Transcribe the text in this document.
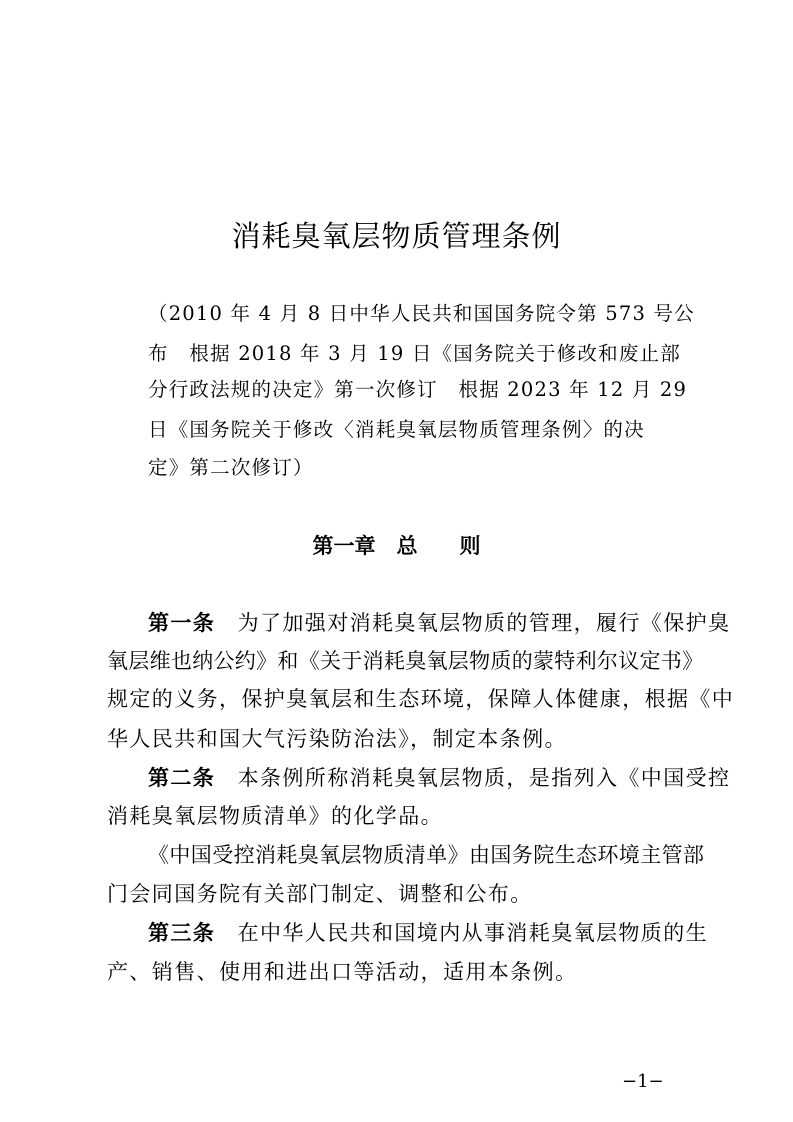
消耗臭氧层物质管理条例
（2010 年 4 月 8 日中华人民共和国国务院令第 573 号公
布　根据 2018 年 3 月 19 日《国务院关于修改和废止部
分行政法规的决定》第一次修订　根据 2023 年 12 月 29
日《国务院关于修改〈消耗臭氧层物质管理条例〉的决
定》第二次修订）
第一章　总　　则
第一条　为了加强对消耗臭氧层物质的管理，履行《保护臭
氧层维也纳公约》和《关于消耗臭氧层物质的蒙特利尔议定书》
规定的义务，保护臭氧层和生态环境，保障人体健康，根据《中
华人民共和国大气污染防治法》，制定本条例。
第二条　本条例所称消耗臭氧层物质，是指列入《中国受控
消耗臭氧层物质清单》的化学品。
《中国受控消耗臭氧层物质清单》由国务院生态环境主管部
门会同国务院有关部门制定、调整和公布。
第三条　在中华人民共和国境内从事消耗臭氧层物质的生
产、销售、使用和进出口等活动，适用本条例。
−1−
